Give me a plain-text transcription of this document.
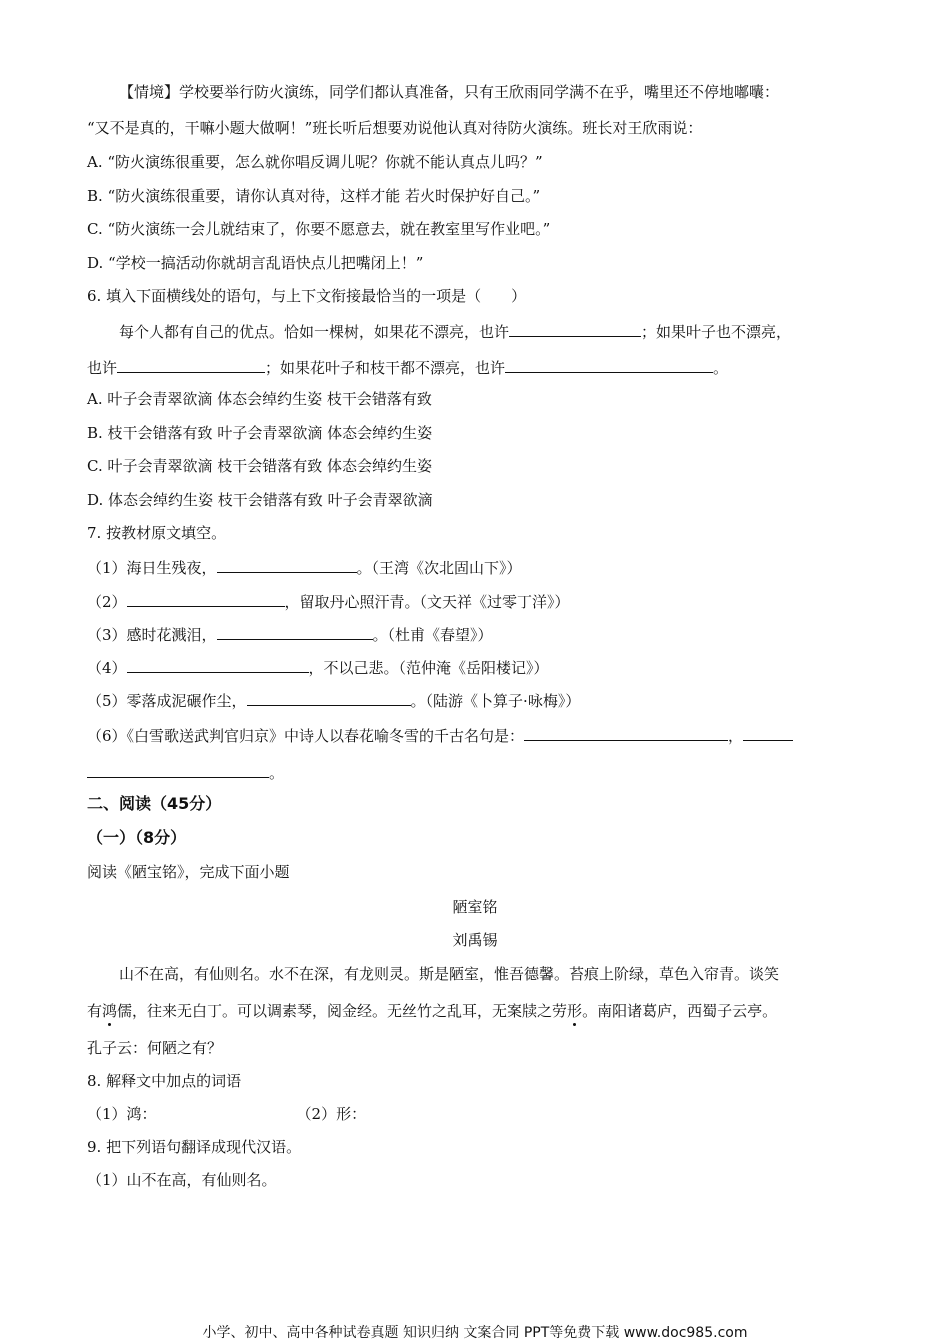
【情境】学校要举行防火演练，同学们都认真准备，只有王欣雨同学满不在乎，嘴里还不停地嘟囔：
“又不是真的，干嘛小题大做啊！”班长听后想要劝说他认真对待防火演练。班长对王欣雨说：
A. “防火演练很重要，怎么就你唱反调儿呢？你就不能认真点儿吗？”
B. “防火演练很重要，请你认真对待，这样才能 若火时保护好自己。”
C. “防火演练一会儿就结束了，你要不愿意去，就在教室里写作业吧。”
D. “学校一搞活动你就胡言乱语快点儿把嘴闭上！”
6. 填入下面横线处的语句，与上下文衔接最恰当的一项是（　　）
每个人都有自己的优点。恰如一棵树，如果花不漂亮，也许	；如果叶子也不漂亮，
也许	；如果花叶子和枝干都不漂亮，也许	。
A. 叶子会青翠欲滴 体态会绰约生姿 枝干会错落有致
B. 枝干会错落有致 叶子会青翠欲滴 体态会绰约生姿
C. 叶子会青翠欲滴 枝干会错落有致 体态会绰约生姿
D. 体态会绰约生姿 枝干会错落有致 叶子会青翠欲滴
7. 按教材原文填空。
（1）海日生残夜，	。（王湾《次北固山下》）
（2）	，留取丹心照汗青。（文天祥《过零丁洋》）
（3）感时花溅泪，	。（杜甫《春望》）
（4）	，不以己悲。（范仲淹《岳阳楼记》）
（5）零落成泥碾作尘，	。（陆游《卜算子·咏梅》）
（6）《白雪歌送武判官归京》中诗人以春花喻冬雪的千古名句是：	，
。
二、阅读（45分）
（一）（8分）
阅读《陋宝铭》，完成下面小题
陋室铭
刘禹锡
山不在高，有仙则名。水不在深，有龙则灵。斯是陋室，惟吾德馨。苔痕上阶绿，草色入帘青。谈笑
有鸿儒，往来无白丁。可以调素琴，阅金经。无丝竹之乱耳，无案牍之劳形。南阳诸葛庐，西蜀子云亭。
孔子云：何陋之有？
8. 解释文中加点的词语
（1）鸿：	（2）形：
9. 把下列语句翻译成现代汉语。
（1）山不在高，有仙则名。
小学、初中、高中各种试卷真题 知识归纳 文案合同 PPT等免费下载 www.doc985.com
